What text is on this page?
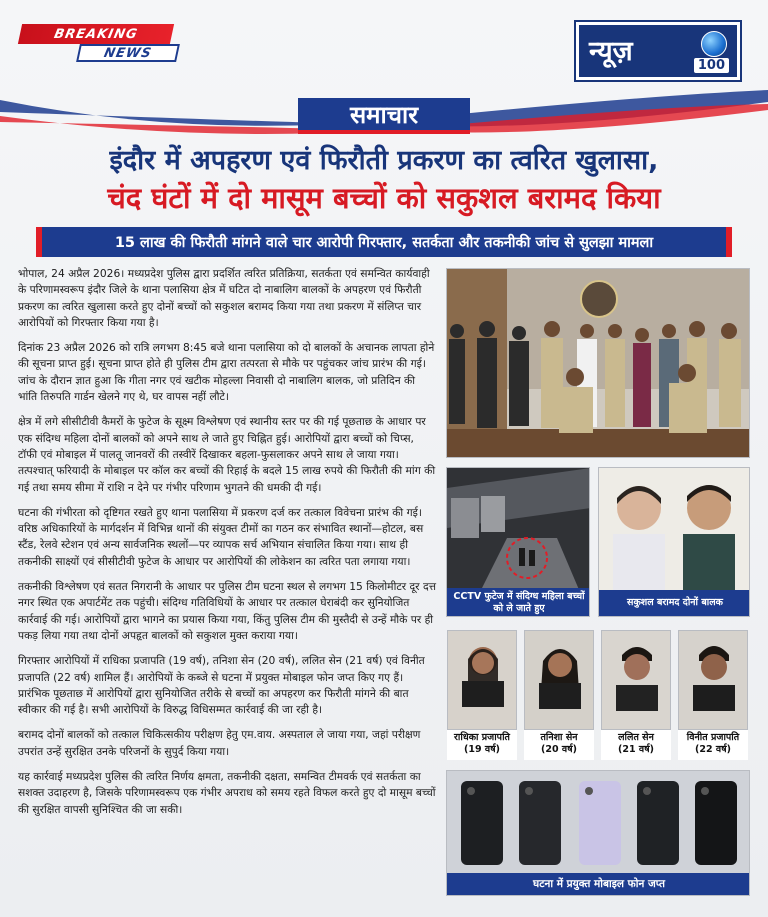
BREAKING
NEWS	न्यूज़	100
समाचार
इंदौर में अपहरण एवं फिरौती प्रकरण का त्वरित खुलासा,
चंद घंटों में दो मासूम बच्चों को सकुशल बरामद किया
15 लाख की फिरौती मांगने वाले चार आरोपी गिरफ्तार, सतर्कता और तकनीकी जांच से सुलझा मामला

भोपाल, 24 अप्रैल 2026। मध्यप्रदेश पुलिस द्वारा प्रदर्शित त्वरित प्रतिक्रिया, सतर्कता एवं समन्वित कार्यवाही के परिणामस्वरूप इंदौर जिले के थाना पलासिया क्षेत्र में घटित दो नाबालिग बालकों के अपहरण एवं फिरौती प्रकरण का त्वरित खुलासा करते हुए दोनों बच्चों को सकुशल बरामद किया गया तथा प्रकरण में संलिप्त चार आरोपियों को गिरफ्तार किया गया है।

दिनांक 23 अप्रैल 2026 को रात्रि लगभग 8:45 बजे थाना पलासिया को दो बालकों के अचानक लापता होने की सूचना प्राप्त हुई। सूचना प्राप्त होते ही पुलिस टीम द्वारा तत्परता से मौके पर पहुंचकर जांच प्रारंभ की गई। जांच के दौरान ज्ञात हुआ कि गीता नगर एवं खटीक मोहल्ला निवासी दो नाबालिग बालक, जो प्रतिदिन की भांति तिरुपति गार्डन खेलने गए थे, घर वापस नहीं लौटे।

क्षेत्र में लगे सीसीटीवी कैमरों के फुटेज के सूक्ष्म विश्लेषण एवं स्थानीय स्तर पर की गई पूछताछ के आधार पर एक संदिग्ध महिला दोनों बालकों को अपने साथ ले जाते हुए चिह्नित हुई। आरोपियों द्वारा बच्चों को चिप्स, टॉफी एवं मोबाइल में पालतू जानवरों की तस्वीरें दिखाकर बहला-फुसलाकर अपने साथ ले जाया गया। तत्पश्चात् फरियादी के मोबाइल पर कॉल कर बच्चों की रिहाई के बदले 15 लाख रुपये की फिरौती की मांग की गई तथा समय सीमा में राशि न देने पर गंभीर परिणाम भुगतने की धमकी दी गई।

घटना की गंभीरता को दृष्टिगत रखते हुए थाना पलासिया में प्रकरण दर्ज कर तत्काल विवेचना प्रारंभ की गई। वरिष्ठ अधिकारियों के मार्गदर्शन में विभिन्न थानों की संयुक्त टीमों का गठन कर संभावित स्थानों—होटल, बस स्टैंड, रेलवे स्टेशन एवं अन्य सार्वजनिक स्थलों—पर व्यापक सर्च अभियान संचालित किया गया। साथ ही तकनीकी साक्ष्यों एवं सीसीटीवी फुटेज के आधार पर आरोपियों की लोकेशन का त्वरित पता लगाया गया।

तकनीकी विश्लेषण एवं सतत निगरानी के आधार पर पुलिस टीम घटना स्थल से लगभग 15 किलोमीटर दूर दत्त नगर स्थित एक अपार्टमेंट तक पहुंची। संदिग्ध गतिविधियों के आधार पर तत्काल घेराबंदी कर सुनियोजित कार्रवाई की गई। आरोपियों द्वारा भागने का प्रयास किया गया, किंतु पुलिस टीम की मुस्तैदी से उन्हें मौके पर ही पकड़ लिया गया तथा दोनों अपहृत बालकों को सकुशल मुक्त कराया गया।

गिरफ्तार आरोपियों में राधिका प्रजापति (19 वर्ष), तनिशा सेन (20 वर्ष), ललित सेन (21 वर्ष) एवं विनीत प्रजापति (22 वर्ष) शामिल हैं। आरोपियों के कब्जे से घटना में प्रयुक्त मोबाइल फोन जप्त किए गए हैं। प्रारंभिक पूछताछ में आरोपियों द्वारा सुनियोजित तरीके से बच्चों का अपहरण कर फिरौती मांगने की बात स्वीकार की गई है। सभी आरोपियों के विरुद्ध विधिसम्मत कार्रवाई की जा रही है।

बरामद दोनों बालकों को तत्काल चिकित्सकीय परीक्षण हेतु एम.वाय. अस्पताल ले जाया गया, जहां परीक्षण उपरांत उन्हें सुरक्षित उनके परिजनों के सुपुर्द किया गया।

यह कार्रवाई मध्यप्रदेश पुलिस की त्वरित निर्णय क्षमता, तकनीकी दक्षता, समन्वित टीमवर्क एवं सतर्कता का सशक्त उदाहरण है, जिसके परिणामस्वरूप एक गंभीर अपराध को समय रहते विफल करते हुए दो मासूम बच्चों की सुरक्षित वापसी सुनिश्चित की जा सकी।

CCTV फुटेज में संदिग्ध महिला बच्चों को ले जाते हुए
सकुशल बरामद दोनों बालक
राधिका प्रजापति
(19 वर्ष)
तनिशा सेन
(20 वर्ष)
ललित सेन
(21 वर्ष)
विनीत प्रजापति
(22 वर्ष)
घटना में प्रयुक्त मोबाइल फोन जप्त
